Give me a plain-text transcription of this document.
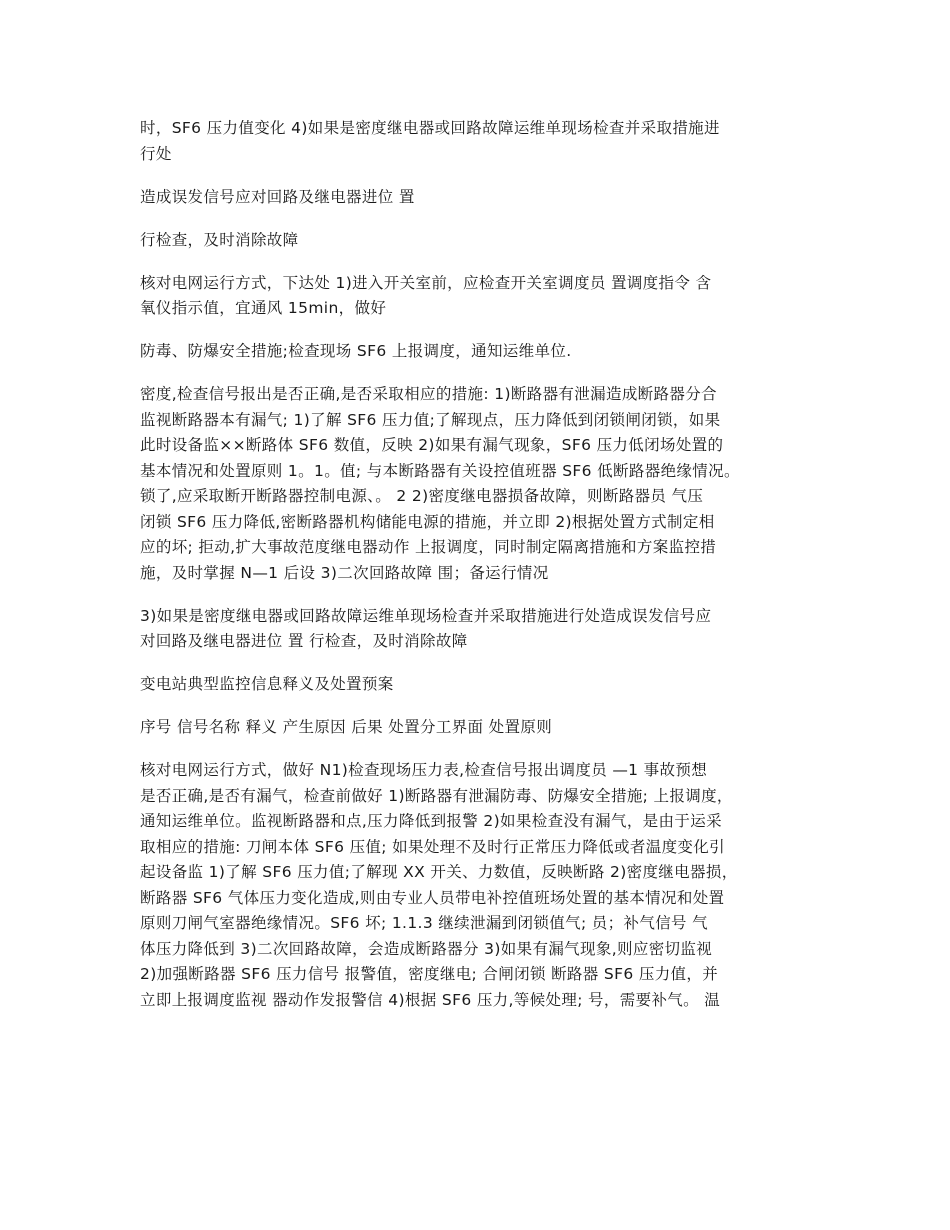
时，SF6 压力值变化 4)如果是密度继电器或回路故障运维单现场检查并采取措施进
行处

造成误发信号应对回路及继电器进位 置

行检查，及时消除故障

核对电网运行方式，下达处 1)进入开关室前，应检查开关室调度员 置调度指令 含
氧仪指示值，宜通风 15min，做好

防毒、防爆安全措施;检查现场 SF6 上报调度，通知运维单位.

密度,检查信号报出是否正确,是否采取相应的措施: 1)断路器有泄漏造成断路器分合
监视断路器本有漏气; 1)了解 SF6 压力值;了解现点，压力降低到闭锁闸闭锁，如果
此时设备监××断路体 SF6 数值，反映 2)如果有漏气现象，SF6 压力低闭场处置的
基本情况和处置原则 1。1。值; 与本断路器有关设控值班器 SF6 低断路器绝缘情况。
锁了,应采取断开断路器控制电源、。 2 2)密度继电器损备故障，则断路器员 气压
闭锁 SF6 压力降低,密断路器机构储能电源的措施，并立即 2)根据处置方式制定相
应的坏; 拒动,扩大事故范度继电器动作 上报调度，同时制定隔离措施和方案监控措
施，及时掌握 N—1 后设 3)二次回路故障 围；备运行情况

3)如果是密度继电器或回路故障运维单现场检查并采取措施进行处造成误发信号应
对回路及继电器进位 置 行检查，及时消除故障

变电站典型监控信息释义及处置预案

序号 信号名称 释义 产生原因 后果 处置分工界面 处置原则

核对电网运行方式，做好 N1)检查现场压力表,检查信号报出调度员 —1 事故预想
是否正确,是否有漏气，检查前做好 1)断路器有泄漏防毒、防爆安全措施; 上报调度，
通知运维单位。监视断路器和点,压力降低到报警 2)如果检查没有漏气，是由于运采
取相应的措施: 刀闸本体 SF6 压值; 如果处理不及时行正常压力降低或者温度变化引
起设备监 1)了解 SF6 压力值;了解现 XX 开关、力数值，反映断路 2)密度继电器损，
断路器 SF6 气体压力变化造成,则由专业人员带电补控值班场处置的基本情况和处置
原则刀闸气室器绝缘情况。SF6 坏; 1.1.3 继续泄漏到闭锁值气; 员；补气信号 气
体压力降低到 3)二次回路故障，会造成断路器分 3)如果有漏气现象,则应密切监视
2)加强断路器 SF6 压力信号 报警值，密度继电; 合闸闭锁 断路器 SF6 压力值，并
立即上报调度监视 器动作发报警信 4)根据 SF6 压力,等候处理; 号，需要补气。 温
